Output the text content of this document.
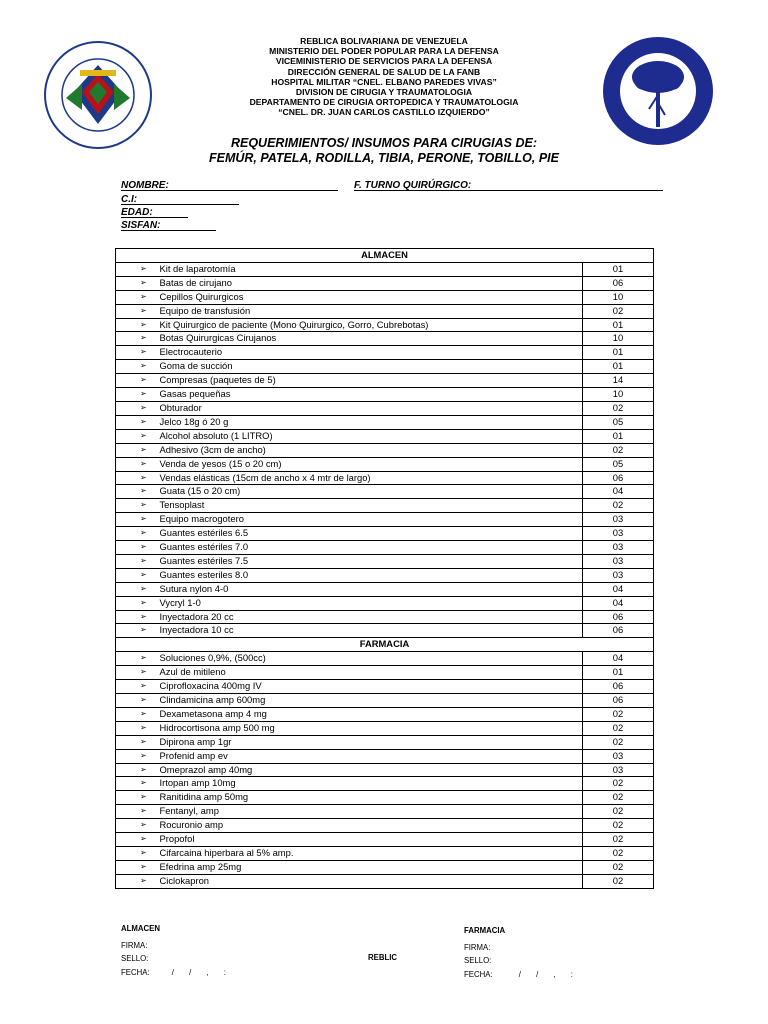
REBLICA BOLIVARIANA DE VENEZUELA
MINISTERIO DEL PODER POPULAR PARA LA DEFENSA
VICEMINISTERIO DE SERVICIOS PARA LA DEFENSA
DIRECCIÓN GENERAL DE SALUD DE LA FANB
HOSPITAL MILITAR “CNEL. ELBANO PAREDES VIVAS”
DIVISION DE CIRUGIA Y TRAUMATOLOGIA
DEPARTAMENTO DE CIRUGIA ORTOPEDICA Y TRAUMATOLOGIA
“CNEL. DR. JUAN CARLOS CASTILLO IZQUIERDO”
REQUERIMIENTOS/ INSUMOS PARA CIRUGIAS DE:
FEMÚR, PATELA, RODILLA, TIBIA, PERONE, TOBILLO, PIE
NOMBRE:	F. TURNO QUIRÚRGICO:
C.I:
EDAD:
SISFAN:
ALMACEN		
➢	Kit de laparotomía	01
➢	Batas de cirujano	06
➢	Cepillos Quirurgicos	10
➢	Equipo de transfusión	02
➢	Kit Quirurgico de paciente (Mono Quirurgico, Gorro, Cubrebotas)	01
➢	Botas Quirurgicas Cirujanos	10
➢	Electrocauterio	01
➢	Goma de succión	01
➢	Compresas (paquetes de 5)	14
➢	Gasas pequeñas	10
➢	Obturador	02
➢	Jelco 18g ó 20 g	05
➢	Alcohol absoluto (1 LITRO)	01
➢	Adhesivo (3cm de ancho)	02
➢	Venda de yesos (15 o 20 cm)	05
➢	Vendas elásticas (15cm de ancho x 4 mtr de largo)	06
➢	Guata (15 o 20 cm)	04
➢	Tensoplast	02
➢	Equipo macrogotero	03
➢	Guantes estériles 6.5	03
➢	Guantes estériles 7.0	03
➢	Guantes estériles 7.5	03
➢	Guantes esteriles 8.0	03
➢	Sutura nylon 4-0	04
➢	Vycryl 1-0	04
➢	Inyectadora 20 cc	06
➢	Inyectadora 10 cc	06
FARMACIA		
➢	Soluciones 0,9%, (500cc)	04
➢	Azul de mitileno	01
➢	Ciprofloxacina 400mg IV	06
➢	Clindamicina amp 600mg	06
➢	Dexametasona amp 4 mg	02
➢	Hidrocortisona amp 500 mg	02
➢	Dipirona amp 1gr	02
➢	Profenid amp ev	03
➢	Omeprazol amp 40mg	03
➢	Irtopan amp 10mg	02
➢	Ranitidina amp 50mg	02
➢	Fentanyl, amp	02
➢	Rocuronio amp	02
➢	Propofol	02
➢	Cifarcaina hiperbara al 5% amp.	02
➢	Efedrina amp 25mg	02
➢	Ciclokapron	02
ALMACEN
FIRMA:
SELLO:
FECHA:	/       /       ,       :
REBLIC
FARMACIA
FIRMA:
SELLO:
FECHA:	/       /       ,       :
